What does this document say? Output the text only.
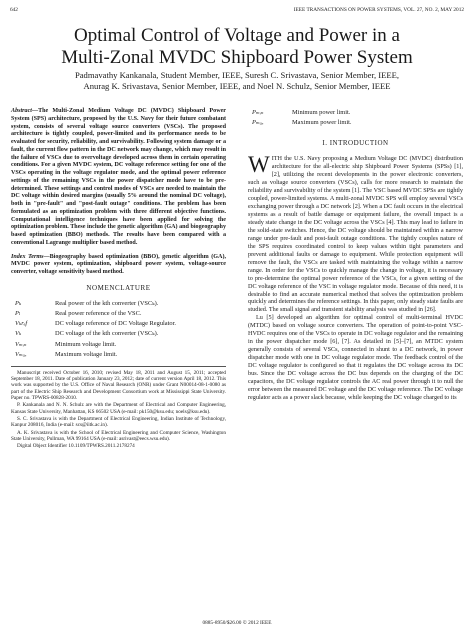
642	IEEE TRANSACTIONS ON POWER SYSTEMS, VOL. 27, NO. 2, MAY 2012
Optimal Control of Voltage and Power in a
Multi-Zonal MVDC Shipboard Power System
Padmavathy Kankanala, Student Member, IEEE, Suresh C. Srivastava, Senior Member, IEEE,
Anurag K. Srivastava, Senior Member, IEEE, and Noel N. Schulz, Senior Member, IEEE

Abstract—The Multi-Zonal Medium Voltage DC (MVDC) Shipboard Power System (SPS) architecture, proposed by the U.S. Navy for their future combatant system, consists of several voltage source converters (VSCs). The proposed architecture is tightly coupled, power-limited and its performance needs to be evaluated for security, reliability, and survivability. Following system damage or a fault, the current flow pattern in the DC network may change, which may result in the failure of VSCs due to overvoltage developed across them in certain operating conditions. For a given MVDC system, DC voltage reference setting for one of the VSCs operating in the voltage regulator mode, and the optimal power reference settings of the remaining VSCs in the power dispatcher mode have to be pre-determined. These settings and control modes of VSCs are needed to maintain the DC voltage within desired margins (usually 5% around the nominal DC voltage), both in "pre-fault" and "post-fault outage" conditions. The problem has been formulated as an optimization problem with three different objective functions. Computational intelligence techniques have been applied for solving the optimization problem. These include the genetic algorithm (GA) and biogeography based optimization (BBO) methods. The results have been compared with a conventional Lagrange multiplier based method.

Index Terms—Biogeography based optimization (BBO), genetic algorithm (GA), MVDC power system, optimization, shipboard power system, voltage-source converter, voltage sensitivity based method.

NOMENCLATURE
Pₖ	Real power of the kth converter (VSCₖ).
Pₗ	Real power reference of the VSC.
Vₖrₑf	DC voltage reference of DC Voltage Regulator.
Vₖ	DC voltage of the kth converter (VSCₖ).
Vₘᵢₙ	Minimum voltage limit.
Vₘₐₓ	Maximum voltage limit.

Manuscript received October 16, 2010; revised May 18, 2011 and August 15, 2011; accepted September 18, 2011. Date of publication January 23, 2012; date of current version April 18, 2012. This work was supported by the U.S. Office of Naval Research (ONR) under Grant N00014-08-1-0080 as part of the Electric Ship Research and Development Consortium work at Mississippi State University. Paper no. TPWRS-00828-2010.

P. Kankanala and N. N. Schulz are with the Department of Electrical and Computer Engineering, Kansas State University, Manhattan, KS 66502 USA (e-mail: pk150@ksu.edu; noels@ksu.edu).

S. C. Srivastava is with the Department of Electrical Engineering, Indian Institute of Technology, Kanpur 208016, India (e-mail: scs@iitk.ac.in).

A. K. Srivastava is with the School of Electrical Engineering and Computer Science, Washington State University, Pullman, WA 99164 USA (e-mail: asrivast@eecs.wsu.edu).

Digital Object Identifier 10.1109/TPWRS.2011.2178274

Pₘᵢₙ	Minimum power limit.
Pₘₐₓ	Maximum power limit.
I. INTRODUCTION

WITH the U.S. Navy proposing a Medium Voltage DC (MVDC) distribution architecture for the all-electric ship Shipboard Power Systems (SPSs) [1], [2], utilizing the recent developments in the power electronic converters, such as voltage source converters (VSCs), calls for more research to maintain the reliability and survivability of the system [1]. The VSC based MVDC SPSs are tightly coupled, power-limited systems. A multi-zonal MVDC SPS will employ several VSCs exchanging power through a DC network [2]. When a DC fault occurs in the electrical systems as a result of battle damage or equipment failure, the overall impact is a steady state change in the DC voltage across the VSCs [4]. This may lead to failure in the solid-state switches. Hence, the DC voltage should be maintained within a narrow range under pre-fault and post-fault outage conditions. The tightly couples nature of the SPS requires coordinated control to keep values within tight parameters and prevent additional faults or damage to equipment. While protection equipment will remove the fault, the VSCs are tasked with maintaining the voltage within a narrow range. In order for the VSCs to quickly manage the change in voltage, it is necessary to pre-determine the optimal power reference of the VSCs, for a given setting of the DC voltage reference of the VSC in voltage regulator mode. Because of this need, it is desirable to find an accurate numerical method that solves the optimization problem quickly and determines the reference settings. In this paper, only steady state faults are studied. The small signal and transient stability analysis was studied in [26].

Lu [5] developed an algorithm for optimal control of multi-terminal HVDC (MTDC) based on voltage source converters. The operation of point-to-point VSC-HVDC requires one of the VSCs to operate in DC voltage regulator and the remaining in the power dispatcher mode [6], [7]. As detailed in [5]–[7], an MTDC system generally consists of several VSCs, connected in shunt to a DC network, in power dispatcher mode with one in DC voltage regulator mode. The feedback control of the DC voltage regulator is configured so that it regulates the DC voltage across its DC bus. Since the DC voltage across the DC bus depends on the charging of the DC capacitors, the DC voltage regulator controls the AC real power through it to null the error between the measured DC voltage and the DC voltage reference. The DC voltage regulator acts as a power slack because, while keeping the DC voltage charged to its

0885-8950/$26.00 © 2012 IEEE
